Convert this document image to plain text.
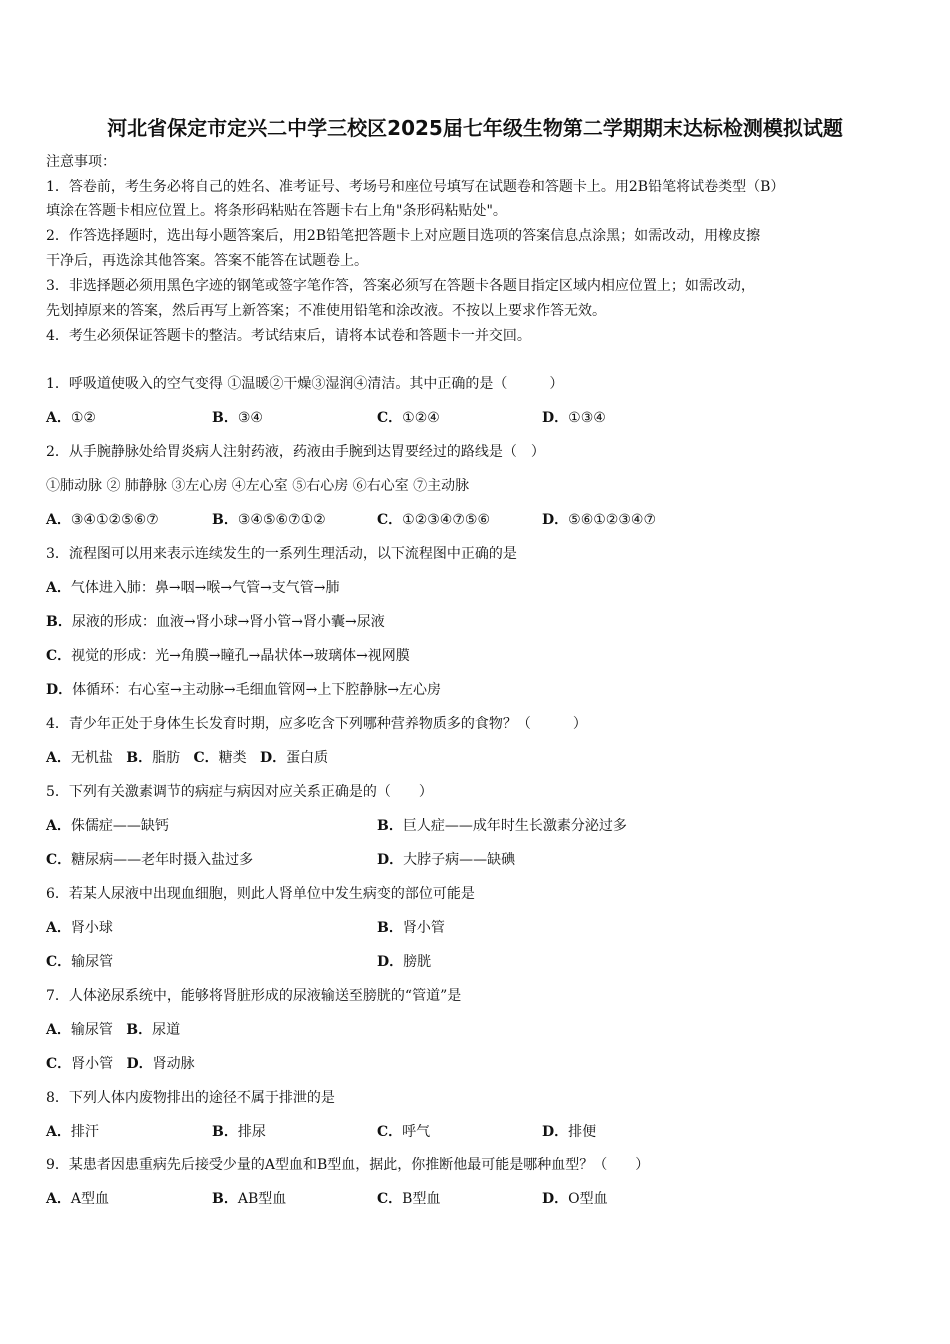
河北省保定市定兴二中学三校区2025届七年级生物第二学期期末达标检测模拟试题
注意事项：
1．答卷前，考生务必将自己的姓名、准考证号、考场号和座位号填写在试题卷和答题卡上。用2B铅笔将试卷类型（B）
填涂在答题卡相应位置上。将条形码粘贴在答题卡右上角"条形码粘贴处"。
2．作答选择题时，选出每小题答案后，用2B铅笔把答题卡上对应题目选项的答案信息点涂黑；如需改动，用橡皮擦
干净后，再选涂其他答案。答案不能答在试题卷上。
3．非选择题必须用黑色字迹的钢笔或签字笔作答，答案必须写在答题卡各题目指定区域内相应位置上；如需改动，
先划掉原来的答案，然后再写上新答案；不准使用铅笔和涂改液。不按以上要求作答无效。
4．考生必须保证答题卡的整洁。考试结束后，请将本试卷和答题卡一并交回。
1．呼吸道使吸入的空气变得 ①温暖②干燥③湿润④清洁。其中正确的是（　　　）
A．①②	B．③④	C．①②④	D．①③④
2．从手腕静脉处给胃炎病人注射药液，药液由手腕到达胃要经过的路线是（　）
①肺动脉 ② 肺静脉 ③左心房 ④左心室 ⑤右心房 ⑥右心室 ⑦主动脉
A．③④①②⑤⑥⑦	B．③④⑤⑥⑦①②	C．①②③④⑦⑤⑥	D．⑤⑥①②③④⑦
3．流程图可以用来表示连续发生的一系列生理活动，以下流程图中正确的是
A．气体进入肺：鼻→咽→喉→气管→支气管→肺
B．尿液的形成：血液→肾小球→肾小管→肾小囊→尿液
C．视觉的形成：光→角膜→瞳孔→晶状体→玻璃体→视网膜
D．体循环：右心室→主动脉→毛细血管网→上下腔静脉→左心房
4．青少年正处于身体生长发育时期，应多吃含下列哪种营养物质多的食物？（　　　）
A．无机盐 B．脂肪 C．糖类 D．蛋白质
5．下列有关激素调节的病症与病因对应关系正确是的（　　）
A．侏儒症——缺钙	B．巨人症——成年时生长激素分泌过多
C．糖尿病——老年时摄入盐过多	D．大脖子病——缺碘
6．若某人尿液中出现血细胞，则此人肾单位中发生病变的部位可能是
A．肾小球	B．肾小管
C．输尿管	D．膀胱
7．人体泌尿系统中，能够将肾脏形成的尿液输送至膀胱的“管道”是
A．输尿管 B．尿道
C．肾小管 D．肾动脉
8．下列人体内废物排出的途径不属于排泄的是
A．排汗	B．排尿	C．呼气	D．排便
9．某患者因患重病先后接受少量的A型血和B型血，据此，你推断他最可能是哪种血型？（　　）
A．A型血	B．AB型血	C．B型血	D．O型血
